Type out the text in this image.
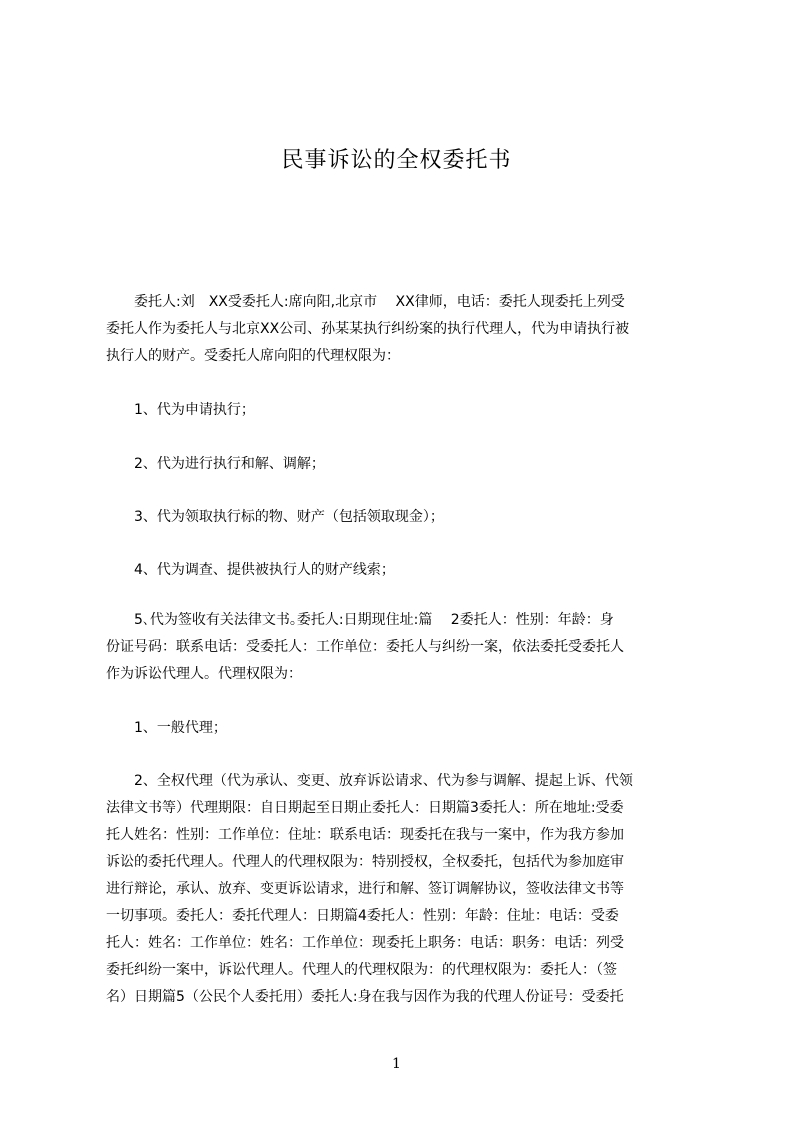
民事诉讼的全权委托书
　　委托人:刘　XX受委托人:席向阳,北京市　 XX律师，电话：委托人现委托上列受
委托人作为委托人与北京XX公司、孙某某执行纠纷案的执行代理人，代为申请执行被
执行人的财产。受委托人席向阳的代理权限为：
　　1、代为申请执行；
　　2、代为进行执行和解、调解；
　　3、代为领取执行标的物、财产（包括领取现金）；
　　4、代为调查、提供被执行人的财产线索；
　　5､代为签收有关法律文书｡委托人:日期现住址:篇　 2委托人：性别：年龄：身
份证号码：联系电话：受委托人：工作单位：委托人与纠纷一案，依法委托受委托人
作为诉讼代理人。代理权限为：
　　1、一般代理；
　　2、全权代理（代为承认、变更、放弃诉讼请求、代为参与调解、提起上诉、代领
法律文书等）代理期限：自日期起至日期止委托人：日期篇3委托人：所在地址:受委
托人姓名：性别：工作单位：住址：联系电话：现委托在我与一案中，作为我方参加
诉讼的委托代理人。代理人的代理权限为：特别授权，全权委托，包括代为参加庭审
进行辩论，承认、放弃、变更诉讼请求，进行和解、签订调解协议，签收法律文书等
一切事项。委托人：委托代理人：日期篇4委托人：性别：年龄：住址：电话：受委
托人：姓名：工作单位：姓名：工作单位：现委托上职务：电话：职务：电话：列受
委托纠纷一案中，诉讼代理人。代理人的代理权限为：的代理权限为：委托人：（签
名）日期篇5（公民个人委托用）委托人:身在我与因作为我的代理人份证号：受委托
1
